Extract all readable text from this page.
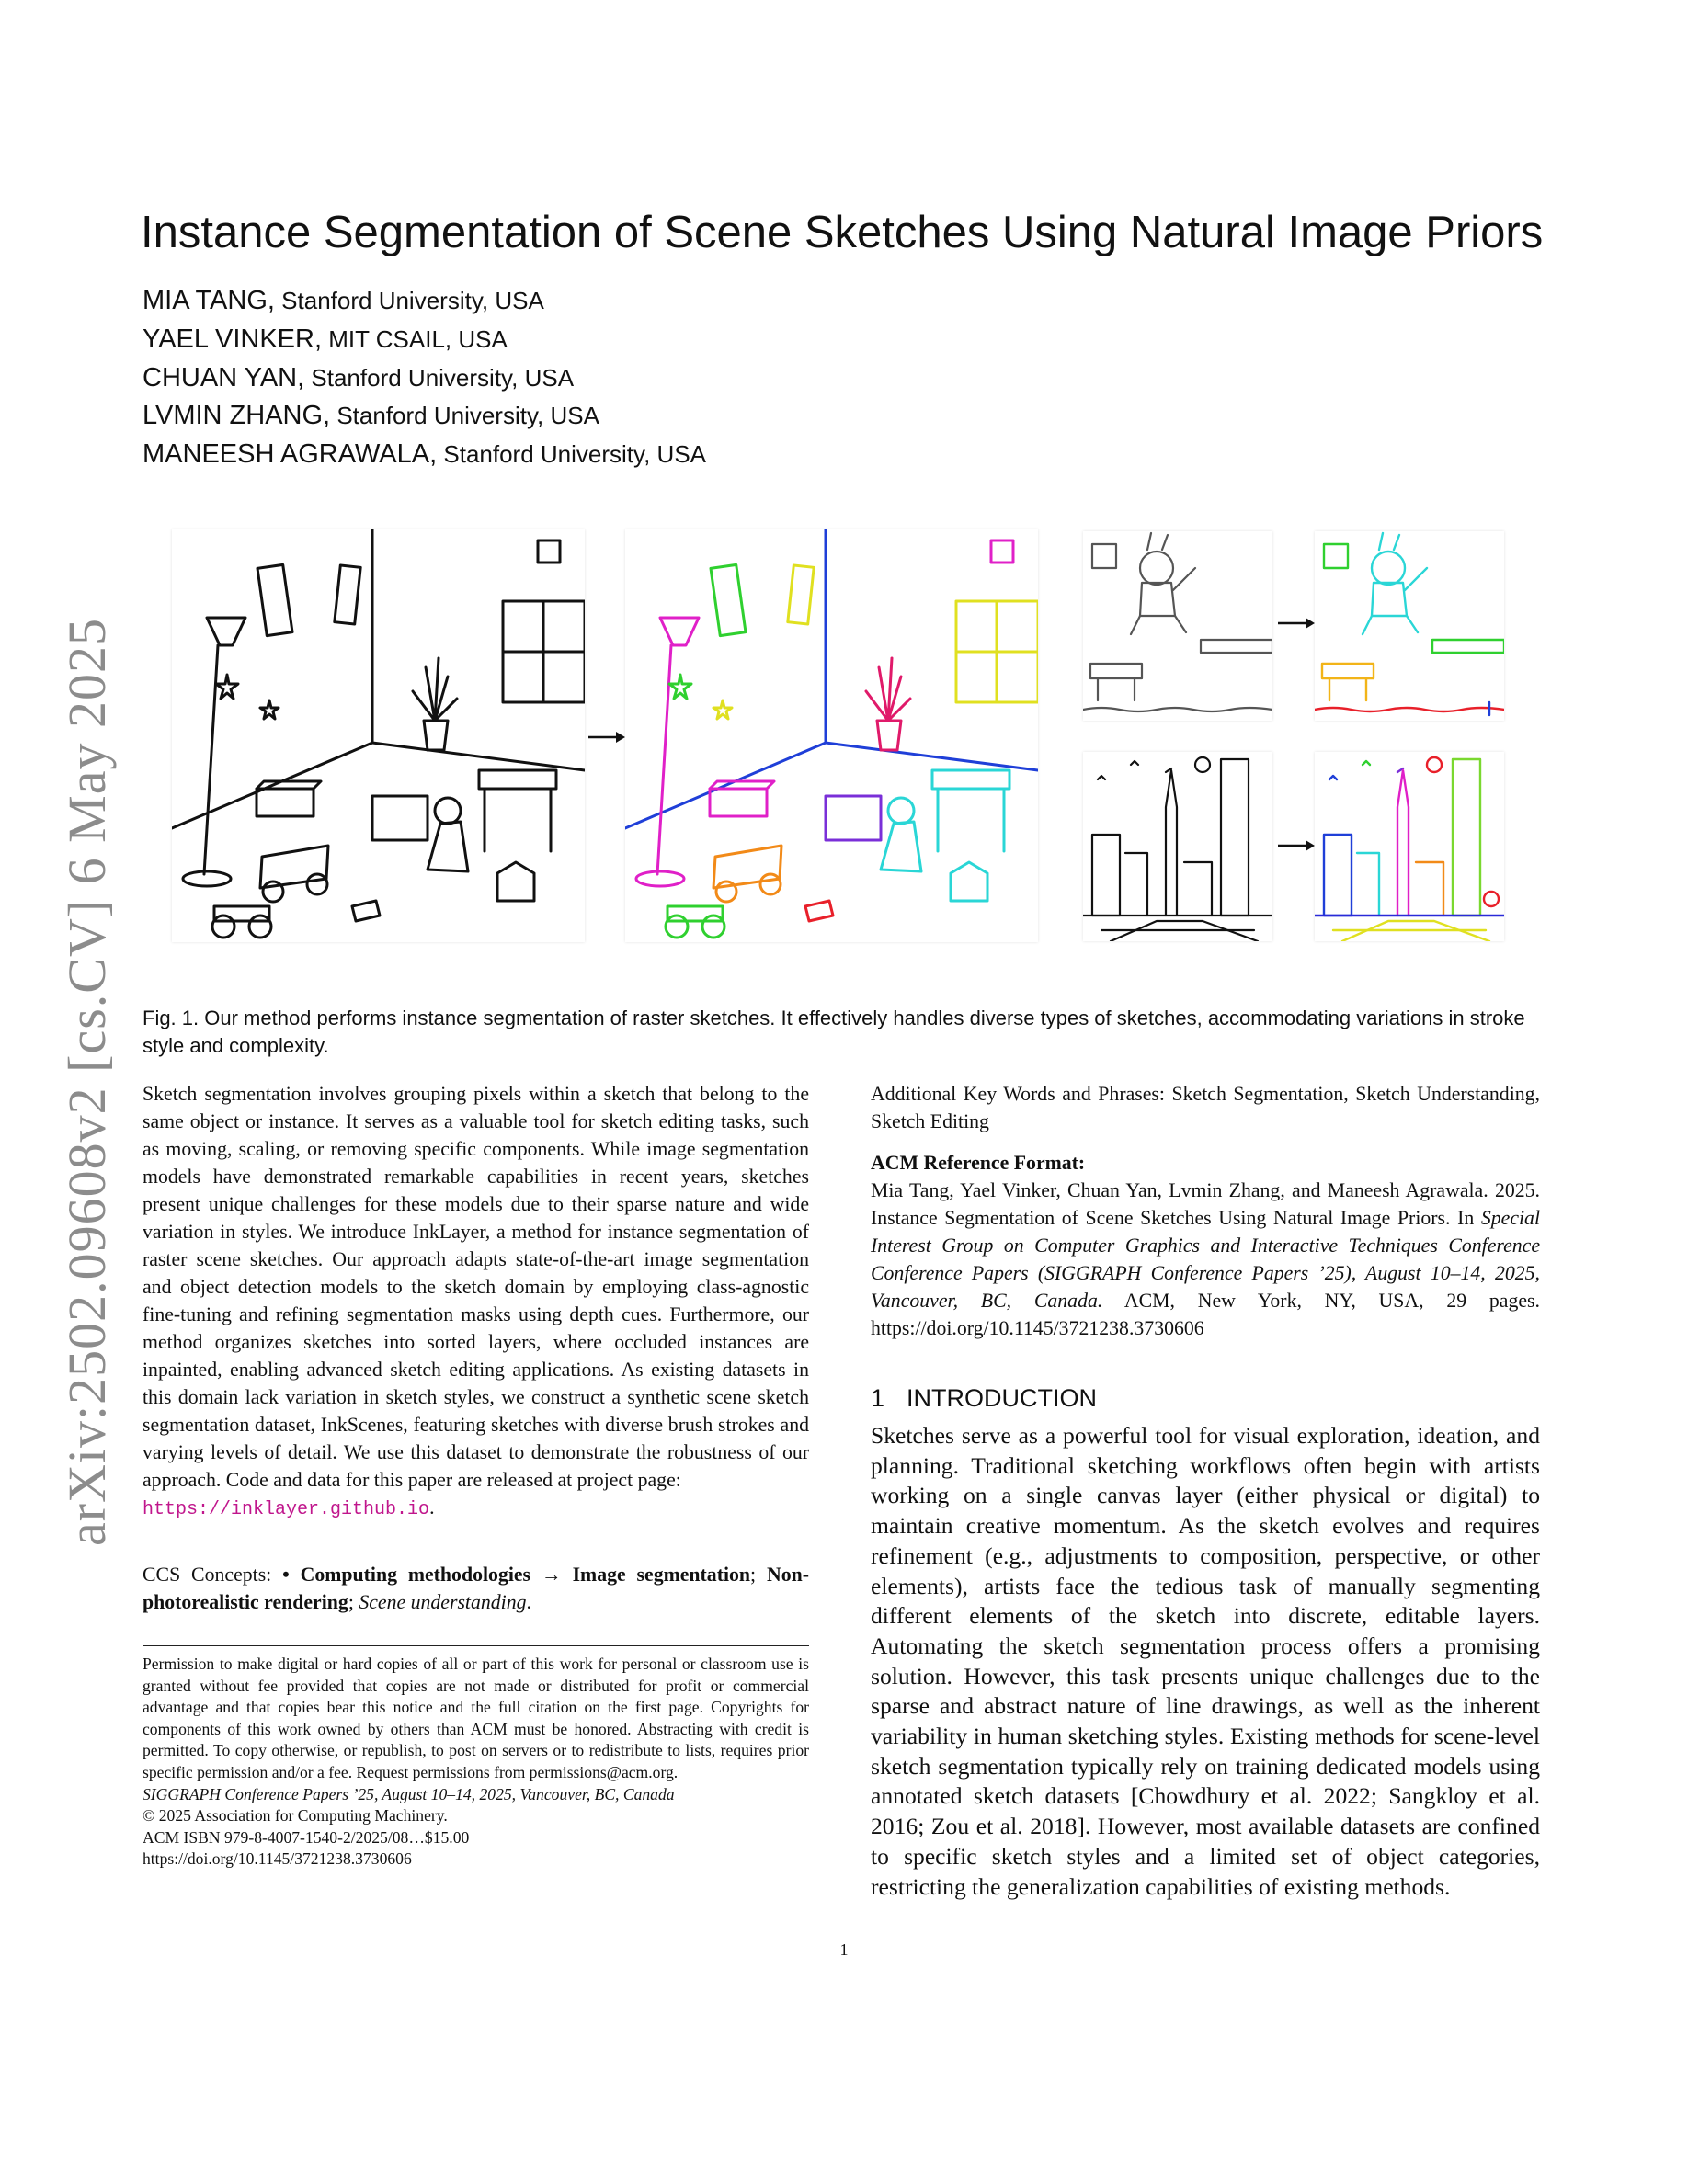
arXiv:2502.09608v2 [cs.CV] 6 May 2025
Instance Segmentation of Scene Sketches Using Natural Image Priors
MIA TANG, Stanford University, USA
YAEL VINKER, MIT CSAIL, USA
CHUAN YAN, Stanford University, USA
LVMIN ZHANG, Stanford University, USA
MANEESH AGRAWALA, Stanford University, USA
Fig. 1. Our method performs instance segmentation of raster sketches. It effectively handles diverse types of sketches, accommodating variations in stroke style and complexity.
Sketch segmentation involves grouping pixels within a sketch that belong to the same object or instance. It serves as a valuable tool for sketch editing tasks, such as moving, scaling, or removing specific components. While image segmentation models have demonstrated remarkable capabilities in recent years, sketches present unique challenges for these models due to their sparse nature and wide variation in styles. We introduce InkLayer, a method for instance segmentation of raster scene sketches. Our approach adapts state-of-the-art image segmentation and object detection models to the sketch domain by employing class-agnostic fine-tuning and refining segmentation masks using depth cues. Furthermore, our method organizes sketches into sorted layers, where occluded instances are inpainted, enabling advanced sketch editing applications. As existing datasets in this domain lack variation in sketch styles, we construct a synthetic scene sketch segmentation dataset, InkScenes, featuring sketches with diverse brush strokes and varying levels of detail. We use this dataset to demonstrate the robustness of our approach. Code and data for this paper are released at project page:
https://inklayer.github.io.
CCS Concepts: • Computing methodologies → Image segmentation; Non-photorealistic rendering; Scene understanding.
Permission to make digital or hard copies of all or part of this work for personal or classroom use is granted without fee provided that copies are not made or distributed for profit or commercial advantage and that copies bear this notice and the full citation on the first page. Copyrights for components of this work owned by others than ACM must be honored. Abstracting with credit is permitted. To copy otherwise, or republish, to post on servers or to redistribute to lists, requires prior specific permission and/or a fee. Request permissions from permissions@acm.org.
SIGGRAPH Conference Papers ’25, August 10–14, 2025, Vancouver, BC, Canada
© 2025 Association for Computing Machinery.
ACM ISBN 979-8-4007-1540-2/2025/08…$15.00
https://doi.org/10.1145/3721238.3730606
Additional Key Words and Phrases: Sketch Segmentation, Sketch Understanding, Sketch Editing
ACM Reference Format:
Mia Tang, Yael Vinker, Chuan Yan, Lvmin Zhang, and Maneesh Agrawala. 2025. Instance Segmentation of Scene Sketches Using Natural Image Priors. In Special Interest Group on Computer Graphics and Interactive Techniques Conference Conference Papers (SIGGRAPH Conference Papers ’25), August 10–14, 2025, Vancouver, BC, Canada. ACM, New York, NY, USA, 29 pages. https://doi.org/10.1145/3721238.3730606
1 INTRODUCTION
Sketches serve as a powerful tool for visual exploration, ideation, and planning. Traditional sketching workflows often begin with artists working on a single canvas layer (either physical or digital) to maintain creative momentum. As the sketch evolves and requires refinement (e.g., adjustments to composition, perspective, or other elements), artists face the tedious task of manually segmenting different elements of the sketch into discrete, editable layers. Automating the sketch segmentation process offers a promising solution. However, this task presents unique challenges due to the sparse and abstract nature of line drawings, as well as the inherent variability in human sketching styles. Existing methods for scene-level sketch segmentation typically rely on training dedicated models using annotated sketch datasets [Chowdhury et al. 2022; Sangkloy et al. 2016; Zou et al. 2018]. However, most available datasets are confined to specific sketch styles and a limited set of object categories, restricting the generalization capabilities of existing methods.
1
